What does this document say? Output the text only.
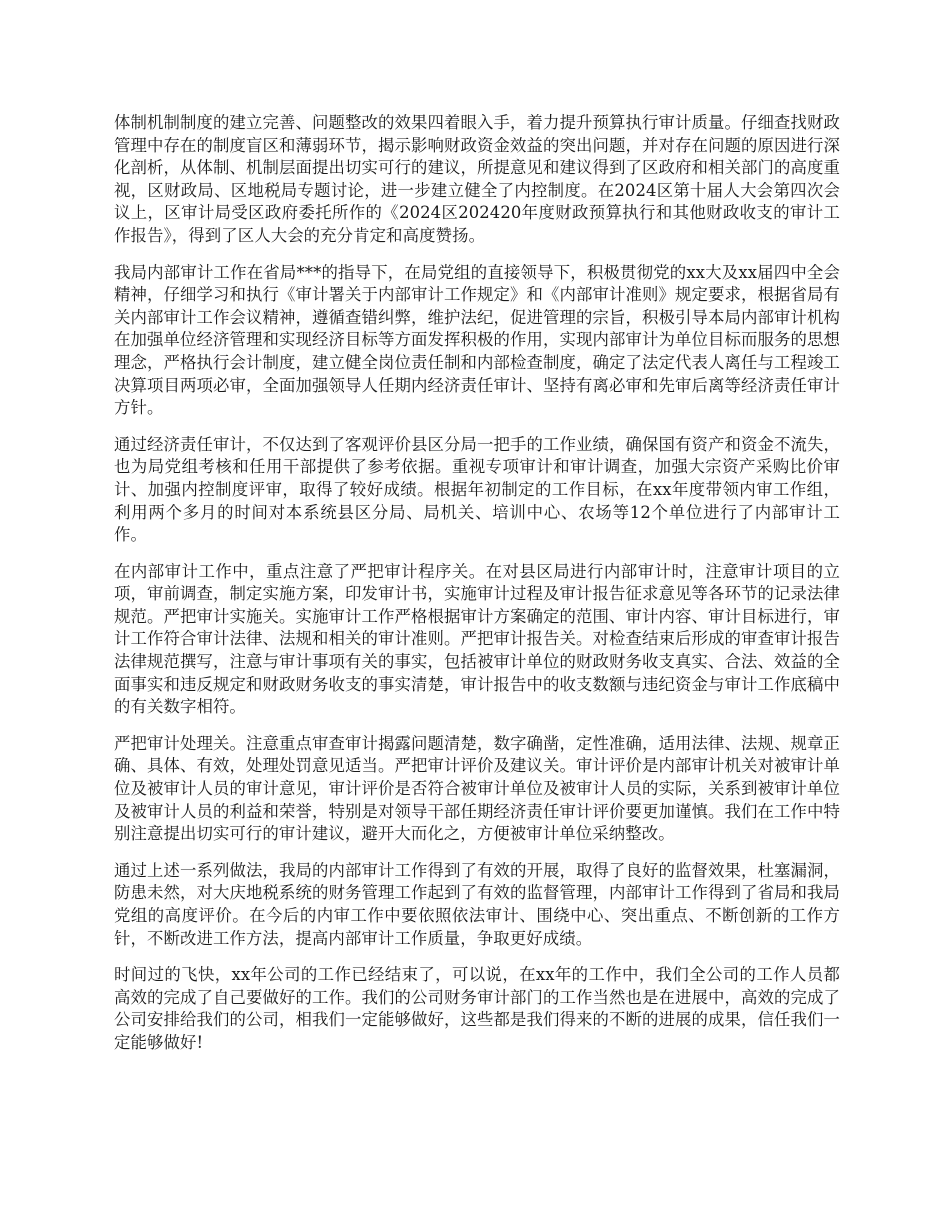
体制机制制度的建立完善、问题整改的效果四着眼入手，着力提升预算执行审计质量。仔细查找财政管理中存在的制度盲区和薄弱环节，揭示影响财政资金效益的突出问题，并对存在问题的原因进行深化剖析，从体制、机制层面提出切实可行的建议，所提意见和建议得到了区政府和相关部门的高度重视，区财政局、区地税局专题讨论，进一步建立健全了内控制度。在2024区第十届人大会第四次会议上，区审计局受区政府委托所作的《2024区202420年度财政预算执行和其他财政收支的审计工作报告》，得到了区人大会的充分肯定和高度赞扬。

我局内部审计工作在省局***的指导下，在局党组的直接领导下，积极贯彻党的xx大及xx届四中全会精神，仔细学习和执行《审计署关于内部审计工作规定》和《内部审计准则》规定要求，根据省局有关内部审计工作会议精神，遵循查错纠弊，维护法纪，促进管理的宗旨，积极引导本局内部审计机构在加强单位经济管理和实现经济目标等方面发挥积极的作用，实现内部审计为单位目标而服务的思想理念，严格执行会计制度，建立健全岗位责任制和内部检查制度，确定了法定代表人离任与工程竣工决算项目两项必审，全面加强领导人任期内经济责任审计、坚持有离必审和先审后离等经济责任审计方针。

通过经济责任审计，不仅达到了客观评价县区分局一把手的工作业绩，确保国有资产和资金不流失，也为局党组考核和任用干部提供了参考依据。重视专项审计和审计调查，加强大宗资产采购比价审计、加强内控制度评审，取得了较好成绩。根据年初制定的工作目标，在xx年度带领内审工作组，利用两个多月的时间对本系统县区分局、局机关、培训中心、农场等12个单位进行了内部审计工作。

在内部审计工作中，重点注意了严把审计程序关。在对县区局进行内部审计时，注意审计项目的立项，审前调查，制定实施方案，印发审计书，实施审计过程及审计报告征求意见等各环节的记录法律规范。严把审计实施关。实施审计工作严格根据审计方案确定的范围、审计内容、审计目标进行，审计工作符合审计法律、法规和相关的审计准则。严把审计报告关。对检查结束后形成的审查审计报告法律规范撰写，注意与审计事项有关的事实，包括被审计单位的财政财务收支真实、合法、效益的全面事实和违反规定和财政财务收支的事实清楚，审计报告中的收支数额与违纪资金与审计工作底稿中的有关数字相符。

严把审计处理关。注意重点审查审计揭露问题清楚，数字确凿，定性准确，适用法律、法规、规章正确、具体、有效，处理处罚意见适当。严把审计评价及建议关。审计评价是内部审计机关对被审计单位及被审计人员的审计意见，审计评价是否符合被审计单位及被审计人员的实际，关系到被审计单位及被审计人员的利益和荣誉，特别是对领导干部任期经济责任审计评价要更加谨慎。我们在工作中特别注意提出切实可行的审计建议，避开大而化之，方便被审计单位采纳整改。

通过上述一系列做法，我局的内部审计工作得到了有效的开展，取得了良好的监督效果，杜塞漏洞，防患未然，对大庆地税系统的财务管理工作起到了有效的监督管理，内部审计工作得到了省局和我局党组的高度评价。在今后的内审工作中要依照依法审计、围绕中心、突出重点、不断创新的工作方针，不断改进工作方法，提高内部审计工作质量，争取更好成绩。

时间过的飞快，xx年公司的工作已经结束了，可以说，在xx年的工作中，我们全公司的工作人员都高效的完成了自己要做好的工作。我们的公司财务审计部门的工作当然也是在进展中，高效的完成了公司安排给我们的公司，相我们一定能够做好，这些都是我们得来的不断的进展的成果，信任我们一定能够做好!
